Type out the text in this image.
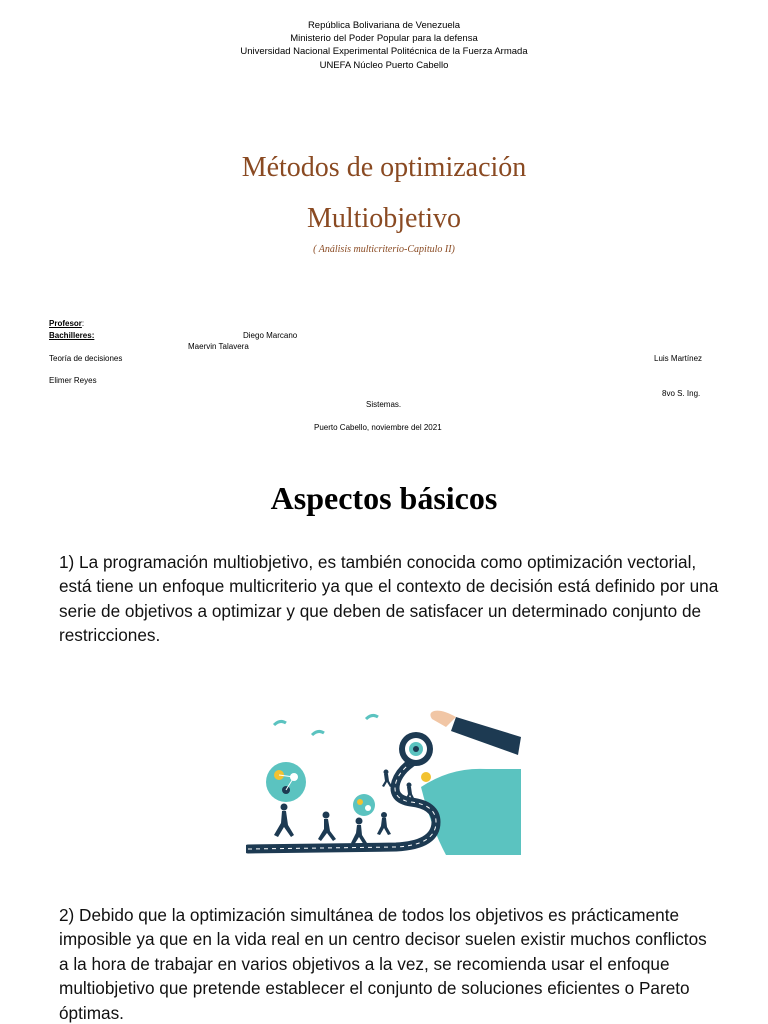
República Bolivariana de Venezuela
Ministerio del Poder Popular para la defensa
Universidad Nacional Experimental Politécnica de la Fuerza Armada
UNEFA Núcleo Puerto Cabello
Métodos de optimización
Multiobjetivo
( Análisis multicriterio-Capitulo II)
Profesor:
Bachilleres:	Diego Marcano
Maervin Talavera
Teoría de decisiones	Luis Martínez
Elimer Reyes
8vo S. Ing.
Sistemas.
Puerto Cabello, noviembre del 2021
Aspectos básicos
1) La programación multiobjetivo, es también conocida como optimización vectorial, está tiene un enfoque multicriterio ya que el contexto de decisión está definido por una serie de objetivos a optimizar y que deben de satisfacer un determinado conjunto de restricciones.
2) Debido que la optimización simultánea de todos los objetivos es prácticamente imposible ya que en la vida real en un centro decisor suelen existir muchos conflictos a la hora de trabajar en varios objetivos a la vez, se recomienda usar el enfoque multiobjetivo que pretende establecer el conjunto de soluciones eficientes o Pareto óptimas.
